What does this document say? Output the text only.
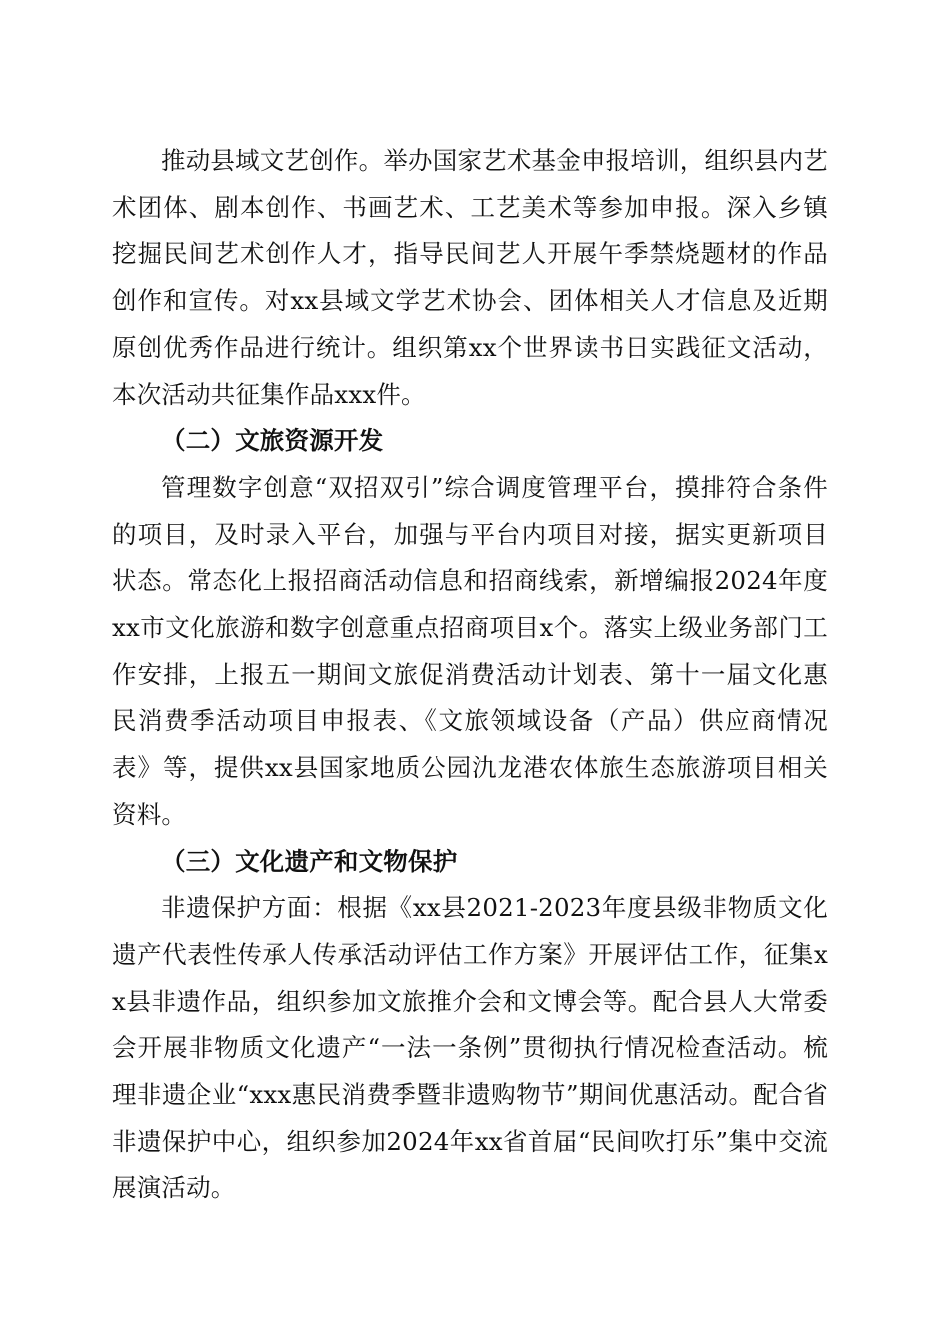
推动县域文艺创作。举办国家艺术基金申报培训，组织县内艺术团体、剧本创作、书画艺术、工艺美术等参加申报。深入乡镇挖掘民间艺术创作人才，指导民间艺人开展午季禁烧题材的作品创作和宣传。对xx县域文学艺术协会、团体相关人才信息及近期原创优秀作品进行统计。组织第xx个世界读书日实践征文活动，本次活动共征集作品xxx件。

（二）文旅资源开发

管理数字创意“双招双引”综合调度管理平台，摸排符合条件的项目，及时录入平台，加强与平台内项目对接，据实更新项目状态。常态化上报招商活动信息和招商线索，新增编报2024年度xx市文化旅游和数字创意重点招商项目x个。落实上级业务部门工作安排，上报五一期间文旅促消费活动计划表、第十一届文化惠民消费季活动项目申报表、《文旅领域设备（产品）供应商情况表》等，提供xx县国家地质公园氿龙港农体旅生态旅游项目相关资料。

（三）文化遗产和文物保护

非遗保护方面：根据《xx县2021-2023年度县级非物质文化遗产代表性传承人传承活动评估工作方案》开展评估工作，征集xx县非遗作品，组织参加文旅推介会和文博会等。配合县人大常委会开展非物质文化遗产“一法一条例”贯彻执行情况检查活动。梳理非遗企业“xxx惠民消费季暨非遗购物节”期间优惠活动。配合省非遗保护中心，组织参加2024年xx省首届“民间吹打乐”集中交流展演活动。
